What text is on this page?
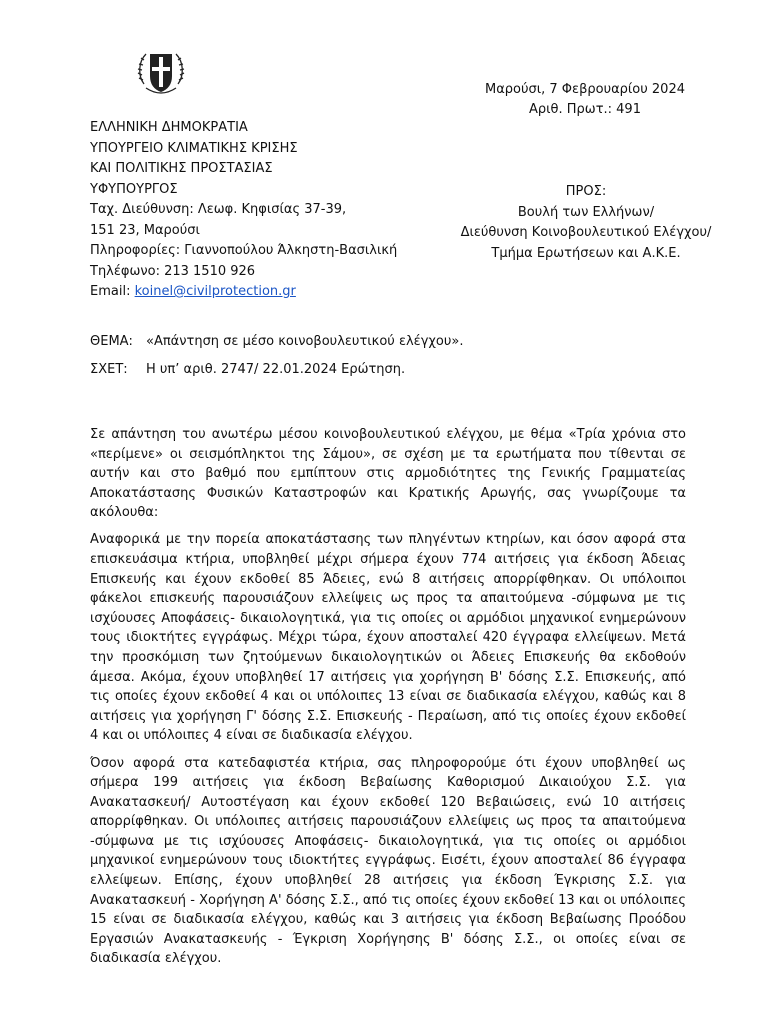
Μαρούσι, 7 Φεβρουαρίου 2024
Αριθ. Πρωτ.: 491
ΕΛΛΗΝΙΚΗ ΔΗΜΟΚΡΑΤΙΑ
ΥΠΟΥΡΓΕΙΟ ΚΛΙΜΑΤΙΚΗΣ ΚΡΙΣΗΣ
ΚΑΙ ΠΟΛΙΤΙΚΗΣ ΠΡΟΣΤΑΣΙΑΣ
ΥΦΥΠΟΥΡΓΟΣ
Ταχ. Διεύθυνση: Λεωφ. Κηφισίας 37-39,
151 23, Μαρούσι
Πληροφορίες: Γιαννοπούλου Άλκηστη-Βασιλική
Τηλέφωνο: 213 1510 926
Email: koinel@civilprotection.gr
ΠΡΟΣ:
Βουλή των Ελλήνων/
Διεύθυνση Κοινοβουλευτικού Ελέγχου/
Τμήμα Ερωτήσεων και Α.Κ.Ε.
ΘΕΜΑ:	«Απάντηση σε μέσο κοινοβουλευτικού ελέγχου».
ΣΧΕΤ:	Η υπ’ αριθ. 2747/ 22.01.2024 Ερώτηση.

Σε απάντηση του ανωτέρω μέσου κοινοβουλευτικού ελέγχου, με θέμα «Τρία χρόνια στο «περίμενε» οι σεισμόπληκτοι της Σάμου», σε σχέση με τα ερωτήματα που τίθενται σε αυτήν και στο βαθμό που εμπίπτουν στις αρμοδιότητες της Γενικής Γραμματείας Αποκατάστασης Φυσικών Καταστροφών και Κρατικής Αρωγής, σας γνωρίζουμε τα ακόλουθα:

Αναφορικά με την πορεία αποκατάστασης των πληγέντων κτηρίων, και όσον αφορά στα επισκευάσιμα κτήρια, υποβληθεί μέχρι σήμερα έχουν 774 αιτήσεις για έκδοση Άδειας Επισκευής και έχουν εκδοθεί 85 Άδειες, ενώ 8 αιτήσεις απορρίφθηκαν. Οι υπόλοιποι φάκελοι επισκευής παρουσιάζουν ελλείψεις ως προς τα απαιτούμενα -σύμφωνα με τις ισχύουσες Αποφάσεις- δικαιολογητικά, για τις οποίες οι αρμόδιοι μηχανικοί ενημερώνουν τους ιδιοκτήτες εγγράφως. Μέχρι τώρα, έχουν αποσταλεί 420 έγγραφα ελλείψεων. Μετά την προσκόμιση των ζητούμενων δικαιολογητικών οι Άδειες Επισκευής θα εκδοθούν άμεσα. Ακόμα, έχουν υποβληθεί 17 αιτήσεις για χορήγηση Β' δόσης Σ.Σ. Επισκευής, από τις οποίες έχουν εκδοθεί 4 και οι υπόλοιπες 13 είναι σε διαδικασία ελέγχου, καθώς και 8 αιτήσεις για χορήγηση Γ' δόσης Σ.Σ. Επισκευής - Περαίωση, από τις οποίες έχουν εκδοθεί 4 και οι υπόλοιπες 4 είναι σε διαδικασία ελέγχου.

Όσον αφορά στα κατεδαφιστέα κτήρια, σας πληροφορούμε ότι έχουν υποβληθεί ως σήμερα 199 αιτήσεις για έκδοση Βεβαίωσης Καθορισμού Δικαιούχου Σ.Σ. για Ανακατασκευή/ Αυτοστέγαση και έχουν εκδοθεί 120 Βεβαιώσεις, ενώ 10 αιτήσεις απορρίφθηκαν. Οι υπόλοιπες αιτήσεις παρουσιάζουν ελλείψεις ως προς τα απαιτούμενα -σύμφωνα με τις ισχύουσες Αποφάσεις- δικαιολογητικά, για τις οποίες οι αρμόδιοι μηχανικοί ενημερώνουν τους ιδιοκτήτες εγγράφως. Εισέτι, έχουν αποσταλεί 86 έγγραφα ελλείψεων. Επίσης, έχουν υποβληθεί 28 αιτήσεις για έκδοση Έγκρισης Σ.Σ. για Ανακατασκευή - Χορήγηση Α' δόσης Σ.Σ., από τις οποίες έχουν εκδοθεί 13 και οι υπόλοιπες 15 είναι σε διαδικασία ελέγχου, καθώς και 3 αιτήσεις για έκδοση Βεβαίωσης Προόδου Εργασιών Ανακατασκευής - Έγκριση Χορήγησης Β' δόσης Σ.Σ., οι οποίες είναι σε διαδικασία ελέγχου.
